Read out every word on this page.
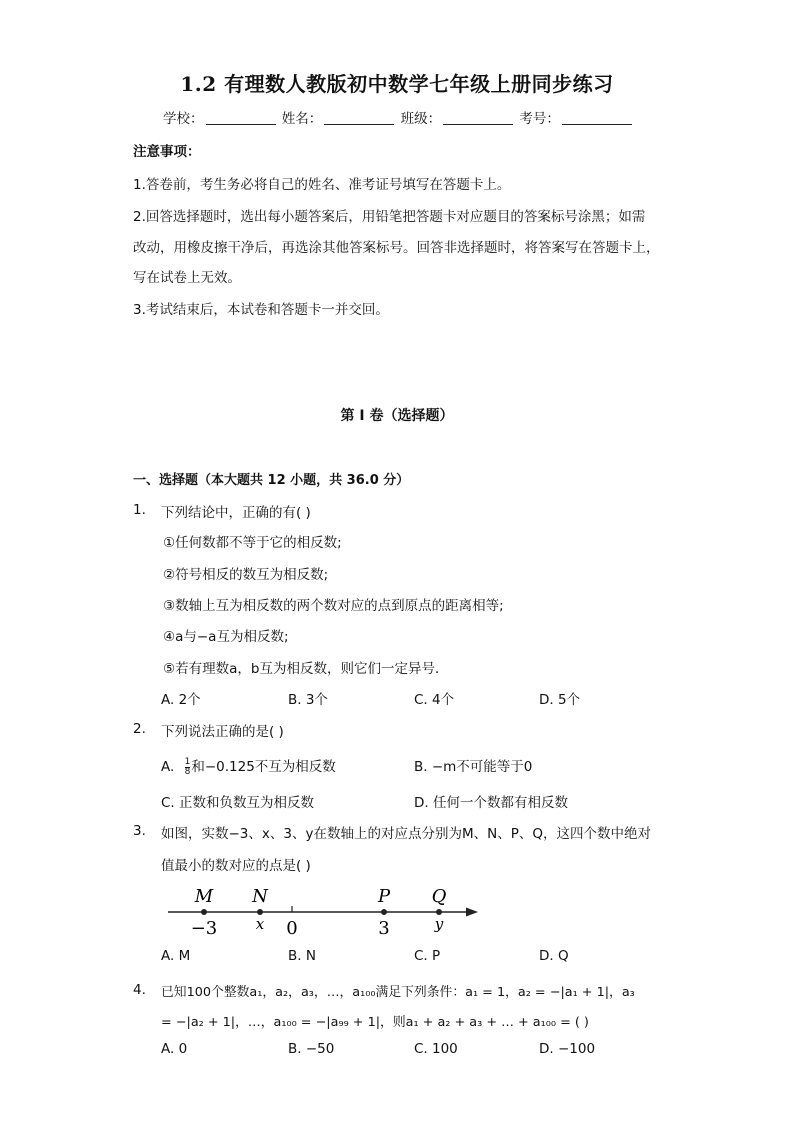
1.2 有理数人教版初中数学七年级上册同步练习
学校：	姓名：	班级：	考号：
注意事项：
1.答卷前，考生务必将自己的姓名、准考证号填写在答题卡上。
2.回答选择题时，选出每小题答案后，用铅笔把答题卡对应题目的答案标号涂黑；如需
改动，用橡皮擦干净后，再选涂其他答案标号。回答非选择题时，将答案写在答题卡上，
写在试卷上无效。
3.考试结束后，本试卷和答题卡一并交回。
第 I 卷（选择题）
一、选择题（本大题共 12 小题，共 36.0 分）
1. 下列结论中，正确的有( )
①任何数都不等于它的相反数;
②符号相反的数互为相反数;
③数轴上互为相反数的两个数对应的点到原点的距离相等;
④a与−a互为相反数;
⑤若有理数a，b互为相反数，则它们一定异号．
A. 2个	B. 3个	C. 4个	D. 5个
2. 下列说法正确的是( )
A. $\frac{1}{8}$ 和−0.125不互为相反数	B. −m不可能等于0
C. 正数和负数互为相反数	D. 任何一个数都有相反数
3. 如图，实数−3、x、3、y在数轴上的对应点分别为M、N、P、Q，这四个数中绝对
值最小的数对应的点是( )
M
−3
N
x 0
P
3
Q
y
A. M	B. N	C. P	D. Q
4. 已知100个整数a₁，a₂，a₃，…，a₁₀₀满足下列条件：a₁ = 1，a₂ = −|a₁ + 1|，a₃
= −|a₂ + 1|，…，a₁₀₀ = −|a₉₉ + 1|，则a₁ + a₂ + a₃ + … + a₁₀₀ = ( )
A. 0	B. −50	C. 100	D. −100
